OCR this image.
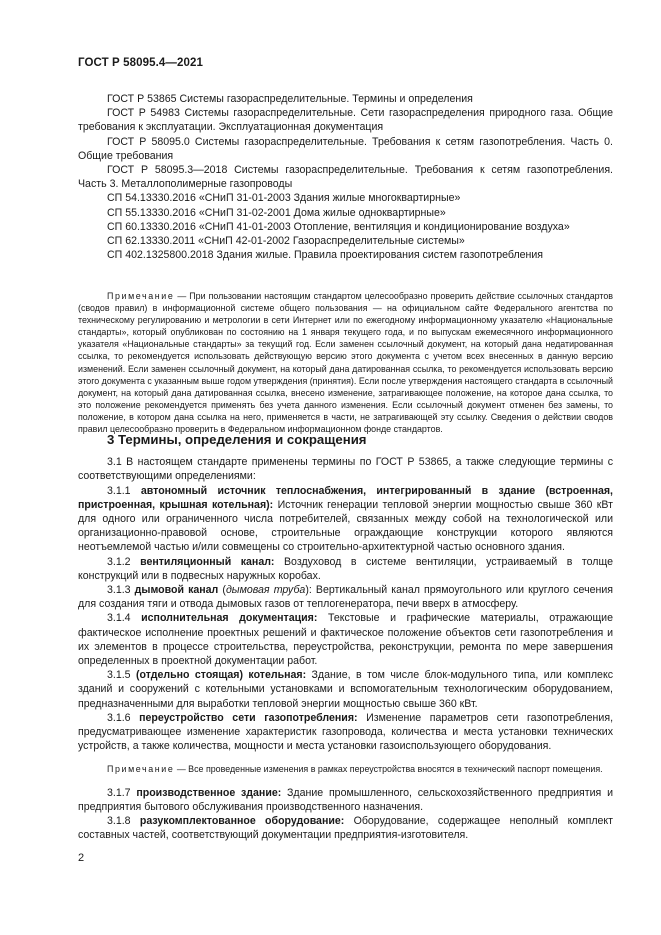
ГОСТ Р 58095.4—2021

ГОСТ Р 53865 Системы газораспределительные. Термины и определения

ГОСТ Р 54983 Системы газораспределительные. Сети газораспределения природного газа. Общие требования к эксплуатации. Эксплуатационная документация

ГОСТ Р 58095.0 Системы газораспределительные. Требования к сетям газопотребления. Часть 0. Общие требования

ГОСТ Р 58095.3—2018 Системы газораспределительные. Требования к сетям газопотребления. Часть 3. Металлополимерные газопроводы

СП 54.13330.2016 «СНиП 31-01-2003 Здания жилые многоквартирные»

СП 55.13330.2016 «СНиП 31-02-2001 Дома жилые одноквартирные»

СП 60.13330.2016 «СНиП 41-01-2003 Отопление, вентиляция и кондиционирование воздуха»

СП 62.13330.2011 «СНиП 42-01-2002 Газораспределительные системы»

СП 402.1325800.2018 Здания жилые. Правила проектирования систем газопотребления

Примечание — При пользовании настоящим стандартом целесообразно проверить действие ссылочных стандартов (сводов правил) в информационной системе общего пользования — на официальном сайте Федерального агентства по техническому регулированию и метрологии в сети Интернет или по ежегодному информационному указателю «Национальные стандарты», который опубликован по состоянию на 1 января текущего года, и по выпускам ежемесячного информационного указателя «Национальные стандарты» за текущий год. Если заменен ссылочный документ, на который дана недатированная ссылка, то рекомендуется использовать действующую версию этого документа с учетом всех внесенных в данную версию изменений. Если заменен ссылочный документ, на который дана датированная ссылка, то рекомендуется использовать версию этого документа с указанным выше годом утверждения (принятия). Если после утверждения настоящего стандарта в ссылочный документ, на который дана датированная ссылка, внесено изменение, затрагивающее положение, на которое дана ссылка, то это положение рекомендуется применять без учета данного изменения. Если ссылочный документ отменен без замены, то положение, в котором дана ссылка на него, применяется в части, не затрагивающей эту ссылку. Сведения о действии сводов правил целесообразно проверить в Федеральном информационном фонде стандартов.

3 Термины, определения и сокращения

3.1 В настоящем стандарте применены термины по ГОСТ Р 53865, а также следующие термины с соответствующими определениями:

3.1.1 автономный источник теплоснабжения, интегрированный в здание (встроенная, пристроенная, крышная котельная): Источник генерации тепловой энергии мощностью свыше 360 кВт для одного или ограниченного числа потребителей, связанных между собой на технологической или организационно-правовой основе, строительные ограждающие конструкции которого являются неотъемлемой частью и/или совмещены со строительно-архитектурной частью основного здания.

3.1.2 вентиляционный канал: Воздуховод в системе вентиляции, устраиваемый в толще конструкций или в подвесных наружных коробах.

3.1.3 дымовой канал (дымовая труба): Вертикальный канал прямоугольного или круглого сечения для создания тяги и отвода дымовых газов от теплогенератора, печи вверх в атмосферу.

3.1.4 исполнительная документация: Текстовые и графические материалы, отражающие фактическое исполнение проектных решений и фактическое положение объектов сети газопотребления и их элементов в процессе строительства, переустройства, реконструкции, ремонта по мере завершения определенных в проектной документации работ.

3.1.5 (отдельно стоящая) котельная: Здание, в том числе блок-модульного типа, или комплекс зданий и сооружений с котельными установками и вспомогательным технологическим оборудованием, предназначенными для выработки тепловой энергии мощностью свыше 360 кВт.

3.1.6 переустройство сети газопотребления: Изменение параметров сети газопотребления, предусматривающее изменение характеристик газопровода, количества и места установки технических устройств, а также количества, мощности и места установки газоиспользующего оборудования.

Примечание — Все проведенные изменения в рамках переустройства вносятся в технический паспорт помещения.

3.1.7 производственное здание: Здание промышленного, сельскохозяйственного предприятия и предприятия бытового обслуживания производственного назначения.

3.1.8 разукомплектованное оборудование: Оборудование, содержащее неполный комплект составных частей, соответствующий документации предприятия-изготовителя.

2
